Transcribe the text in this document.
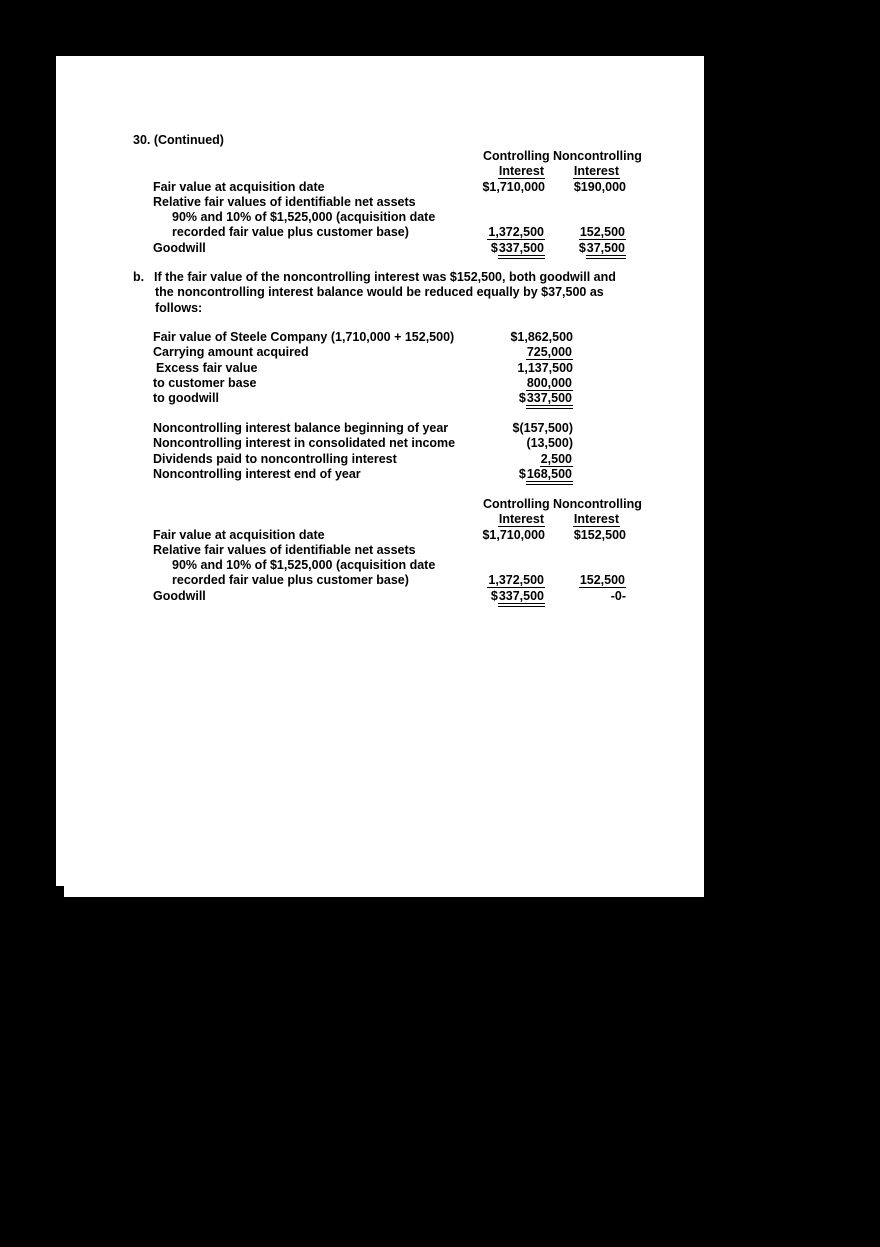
30. (Continued)
Controlling Noncontrolling
Interest	Interest
Fair value at acquisition date	$1,710,000	$190,000
Relative fair values of identifiable net assets
90% and 10% of $1,525,000 (acquisition date
recorded fair value plus customer base)	1,372,500	152,500
Goodwill	$337,500	$37,500
b. If the fair value of the noncontrolling interest was $152,500, both goodwill and
the noncontrolling interest balance would be reduced equally by $37,500 as
follows:
Fair value of Steele Company (1,710,000 + 152,500)	$1,862,500
Carrying amount acquired	725,000
Excess fair value	1,137,500
to customer base	800,000
to goodwill	$337,500
Noncontrolling interest balance beginning of year	$(157,500)
Noncontrolling interest in consolidated net income	(13,500)
Dividends paid to noncontrolling interest	2,500
Noncontrolling interest end of year	$168,500
Controlling Noncontrolling
Interest	Interest
Fair value at acquisition date	$1,710,000	$152,500
Relative fair values of identifiable net assets
90% and 10% of $1,525,000 (acquisition date
recorded fair value plus customer base)	1,372,500	152,500
Goodwill	$337,500	-0-
